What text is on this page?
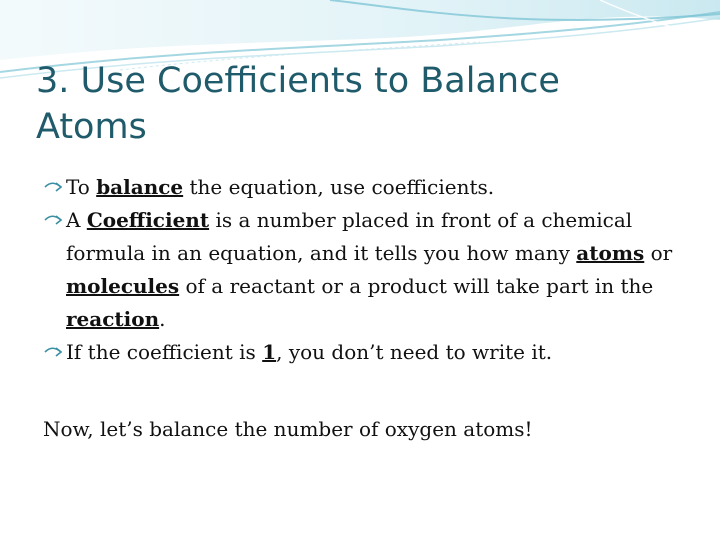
3. Use Coefficients to Balance Atoms
To balance the equation, use coefficients.
A Coefficient is a number placed in front of a chemical formula in an equation, and it tells you how many atoms or molecules of a reactant or a product will take part in the reaction.
If the coefficient is 1, you don’t need to write it.
Now, let’s balance the number of oxygen atoms!
